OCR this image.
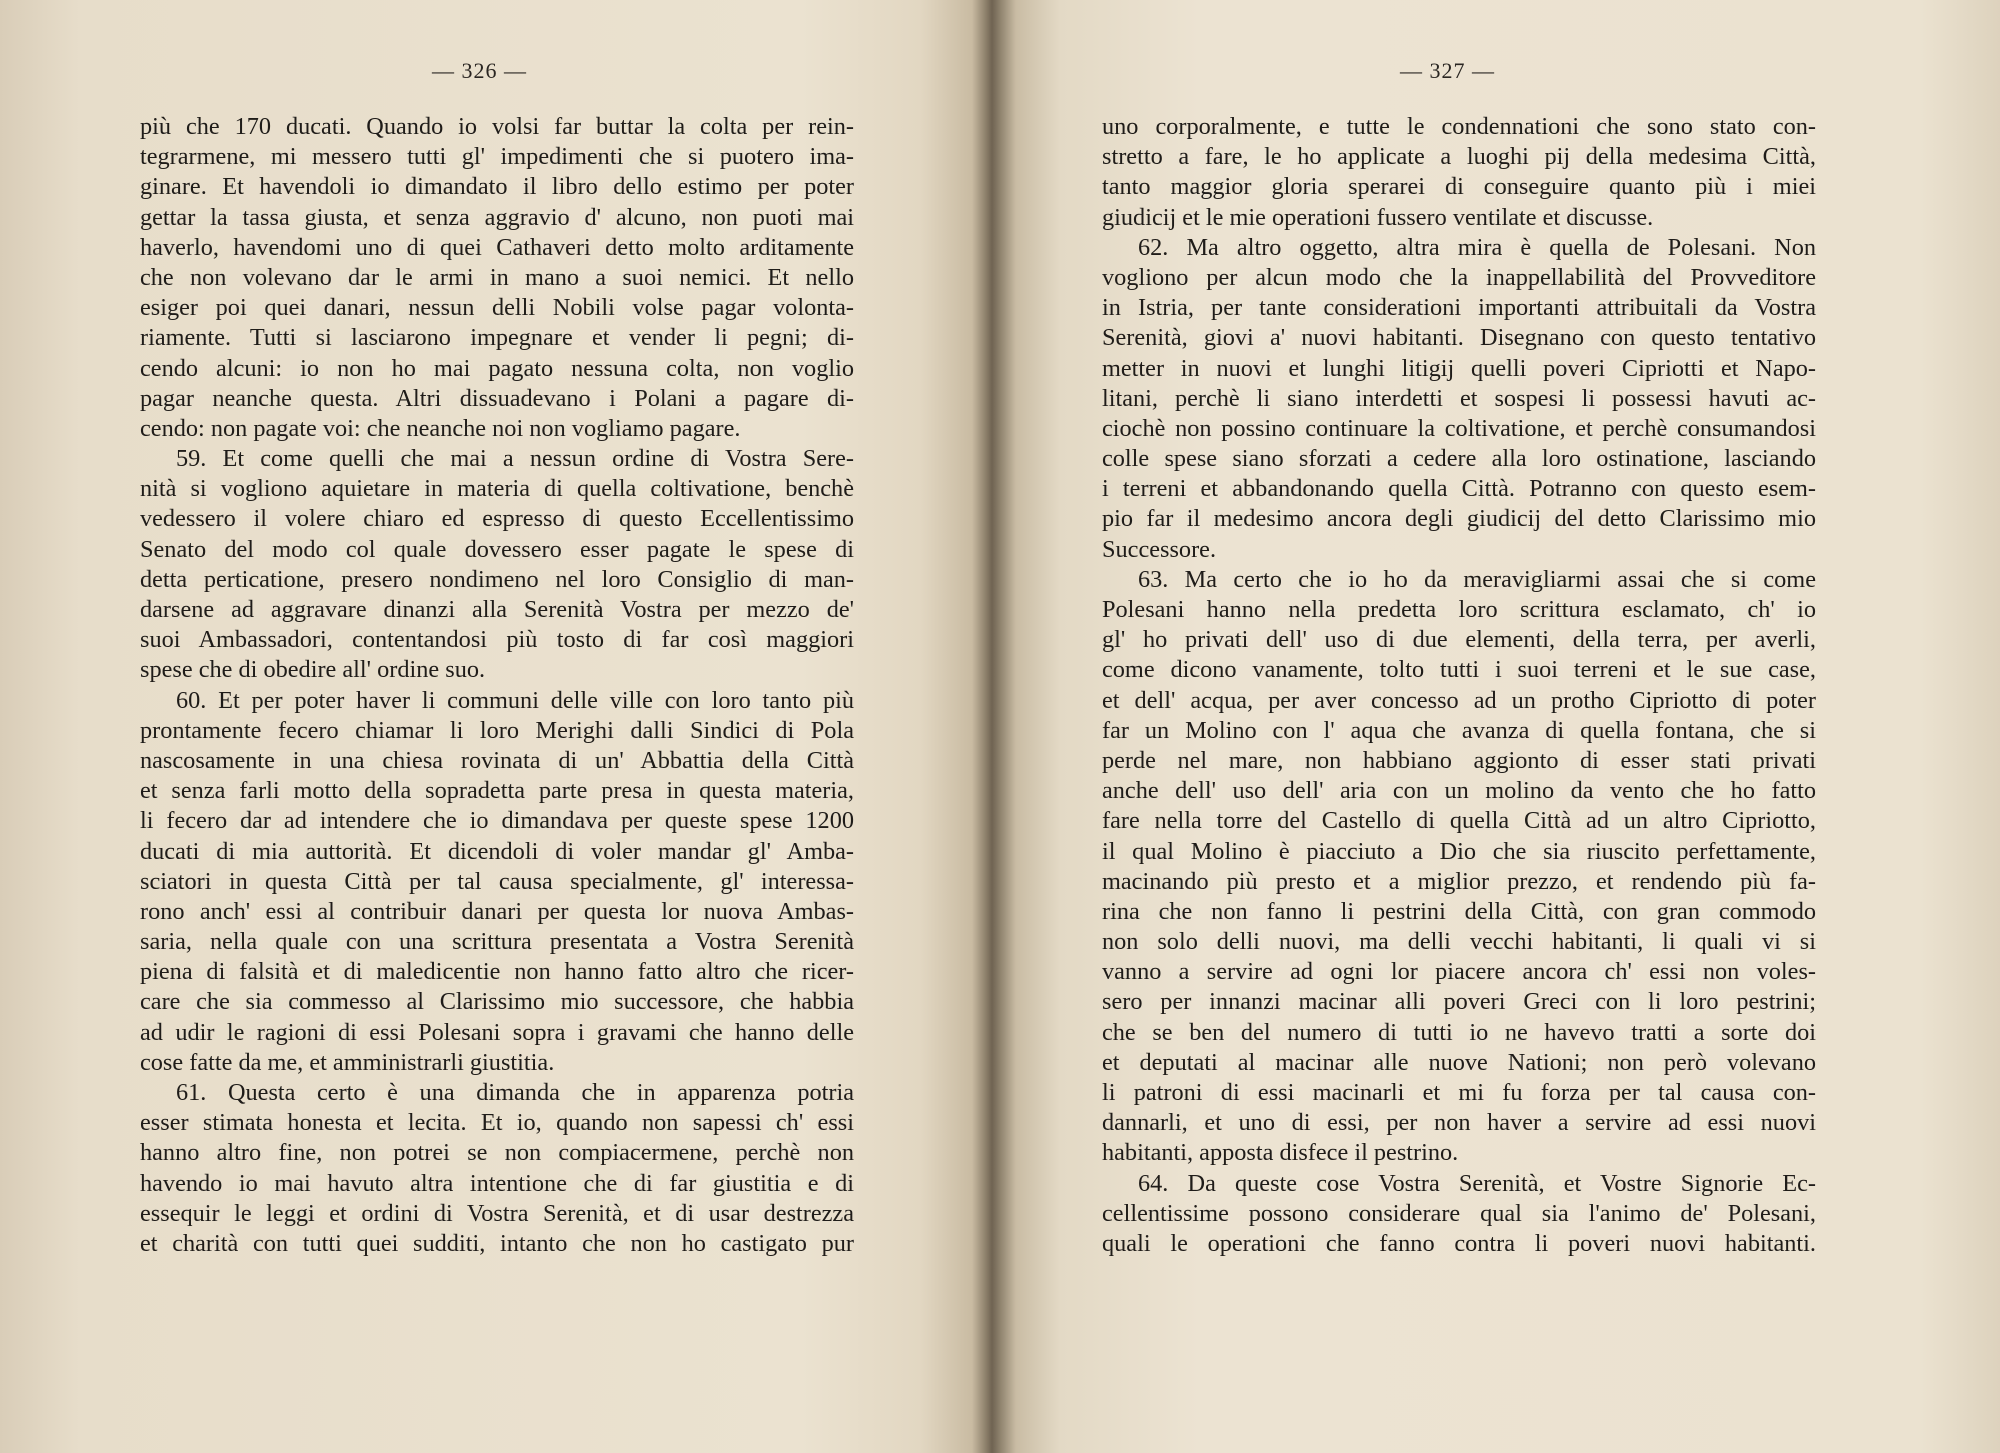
— 326 —
più che 170 ducati. Quando io volsi far buttar la colta per rein-
tegrarmene, mi messero tutti gl' impedimenti che si puotero ima-
ginare. Et havendoli io dimandato il libro dello estimo per poter
gettar la tassa giusta, et senza aggravio d' alcuno, non puoti mai
haverlo, havendomi uno di quei Cathaveri detto molto arditamente
che non volevano dar le armi in mano a suoi nemici. Et nello
esiger poi quei danari, nessun delli Nobili volse pagar volonta-
riamente. Tutti si lasciarono impegnare et vender li pegni; di-
cendo alcuni: io non ho mai pagato nessuna colta, non voglio
pagar neanche questa. Altri dissuadevano i Polani a pagare di-
cendo: non pagate voi: che neanche noi non vogliamo pagare.
59. Et come quelli che mai a nessun ordine di Vostra Sere-
nità si vogliono aquietare in materia di quella coltivatione, benchè
vedessero il volere chiaro ed espresso di questo Eccellentissimo
Senato del modo col quale dovessero esser pagate le spese di
detta perticatione, presero nondimeno nel loro Consiglio di man-
darsene ad aggravare dinanzi alla Serenità Vostra per mezzo de'
suoi Ambassadori, contentandosi più tosto di far così maggiori
spese che di obedire all' ordine suo.
60. Et per poter haver li communi delle ville con loro tanto più
prontamente fecero chiamar li loro Merighi dalli Sindici di Pola
nascosamente in una chiesa rovinata di un' Abbattia della Città
et senza farli motto della sopradetta parte presa in questa materia,
li fecero dar ad intendere che io dimandava per queste spese 1200
ducati di mia auttorità. Et dicendoli di voler mandar gl' Amba-
sciatori in questa Città per tal causa specialmente, gl' interessa-
rono anch' essi al contribuir danari per questa lor nuova Ambas-
saria, nella quale con una scrittura presentata a Vostra Serenità
piena di falsità et di maledicentie non hanno fatto altro che ricer-
care che sia commesso al Clarissimo mio successore, che habbia
ad udir le ragioni di essi Polesani sopra i gravami che hanno delle
cose fatte da me, et amministrarli giustitia.
61. Questa certo è una dimanda che in apparenza potria
esser stimata honesta et lecita. Et io, quando non sapessi ch' essi
hanno altro fine, non potrei se non compiacermene, perchè non
havendo io mai havuto altra intentione che di far giustitia e di
essequir le leggi et ordini di Vostra Serenità, et di usar destrezza
et charità con tutti quei sudditi, intanto che non ho castigato pur
— 327 —
uno corporalmente, e tutte le condennationi che sono stato con-
stretto a fare, le ho applicate a luoghi pij della medesima Città,
tanto maggior gloria sperarei di conseguire quanto più i miei
giudicij et le mie operationi fussero ventilate et discusse.
62. Ma altro oggetto, altra mira è quella de Polesani. Non
vogliono per alcun modo che la inappellabilità del Provveditore
in Istria, per tante considerationi importanti attribuitali da Vostra
Serenità, giovi a' nuovi habitanti. Disegnano con questo tentativo
metter in nuovi et lunghi litigij quelli poveri Cipriotti et Napo-
litani, perchè li siano interdetti et sospesi li possessi havuti ac-
ciochè non possino continuare la coltivatione, et perchè consumandosi
colle spese siano sforzati a cedere alla loro ostinatione, lasciando
i terreni et abbandonando quella Città. Potranno con questo esem-
pio far il medesimo ancora degli giudicij del detto Clarissimo mio
Successore.
63. Ma certo che io ho da meravigliarmi assai che si come
Polesani hanno nella predetta loro scrittura esclamato, ch' io
gl' ho privati dell' uso di due elementi, della terra, per averli,
come dicono vanamente, tolto tutti i suoi terreni et le sue case,
et dell' acqua, per aver concesso ad un protho Cipriotto di poter
far un Molino con l' aqua che avanza di quella fontana, che si
perde nel mare, non habbiano aggionto di esser stati privati
anche dell' uso dell' aria con un molino da vento che ho fatto
fare nella torre del Castello di quella Città ad un altro Cipriotto,
il qual Molino è piacciuto a Dio che sia riuscito perfettamente,
macinando più presto et a miglior prezzo, et rendendo più fa-
rina che non fanno li pestrini della Città, con gran commodo
non solo delli nuovi, ma delli vecchi habitanti, li quali vi si
vanno a servire ad ogni lor piacere ancora ch' essi non voles-
sero per innanzi macinar alli poveri Greci con li loro pestrini;
che se ben del numero di tutti io ne havevo tratti a sorte doi
et deputati al macinar alle nuove Nationi; non però volevano
li patroni di essi macinarli et mi fu forza per tal causa con-
dannarli, et uno di essi, per non haver a servire ad essi nuovi
habitanti, apposta disfece il pestrino.
64. Da queste cose Vostra Serenità, et Vostre Signorie Ec-
cellentissime possono considerare qual sia l'animo de' Polesani,
quali le operationi che fanno contra li poveri nuovi habitanti.
